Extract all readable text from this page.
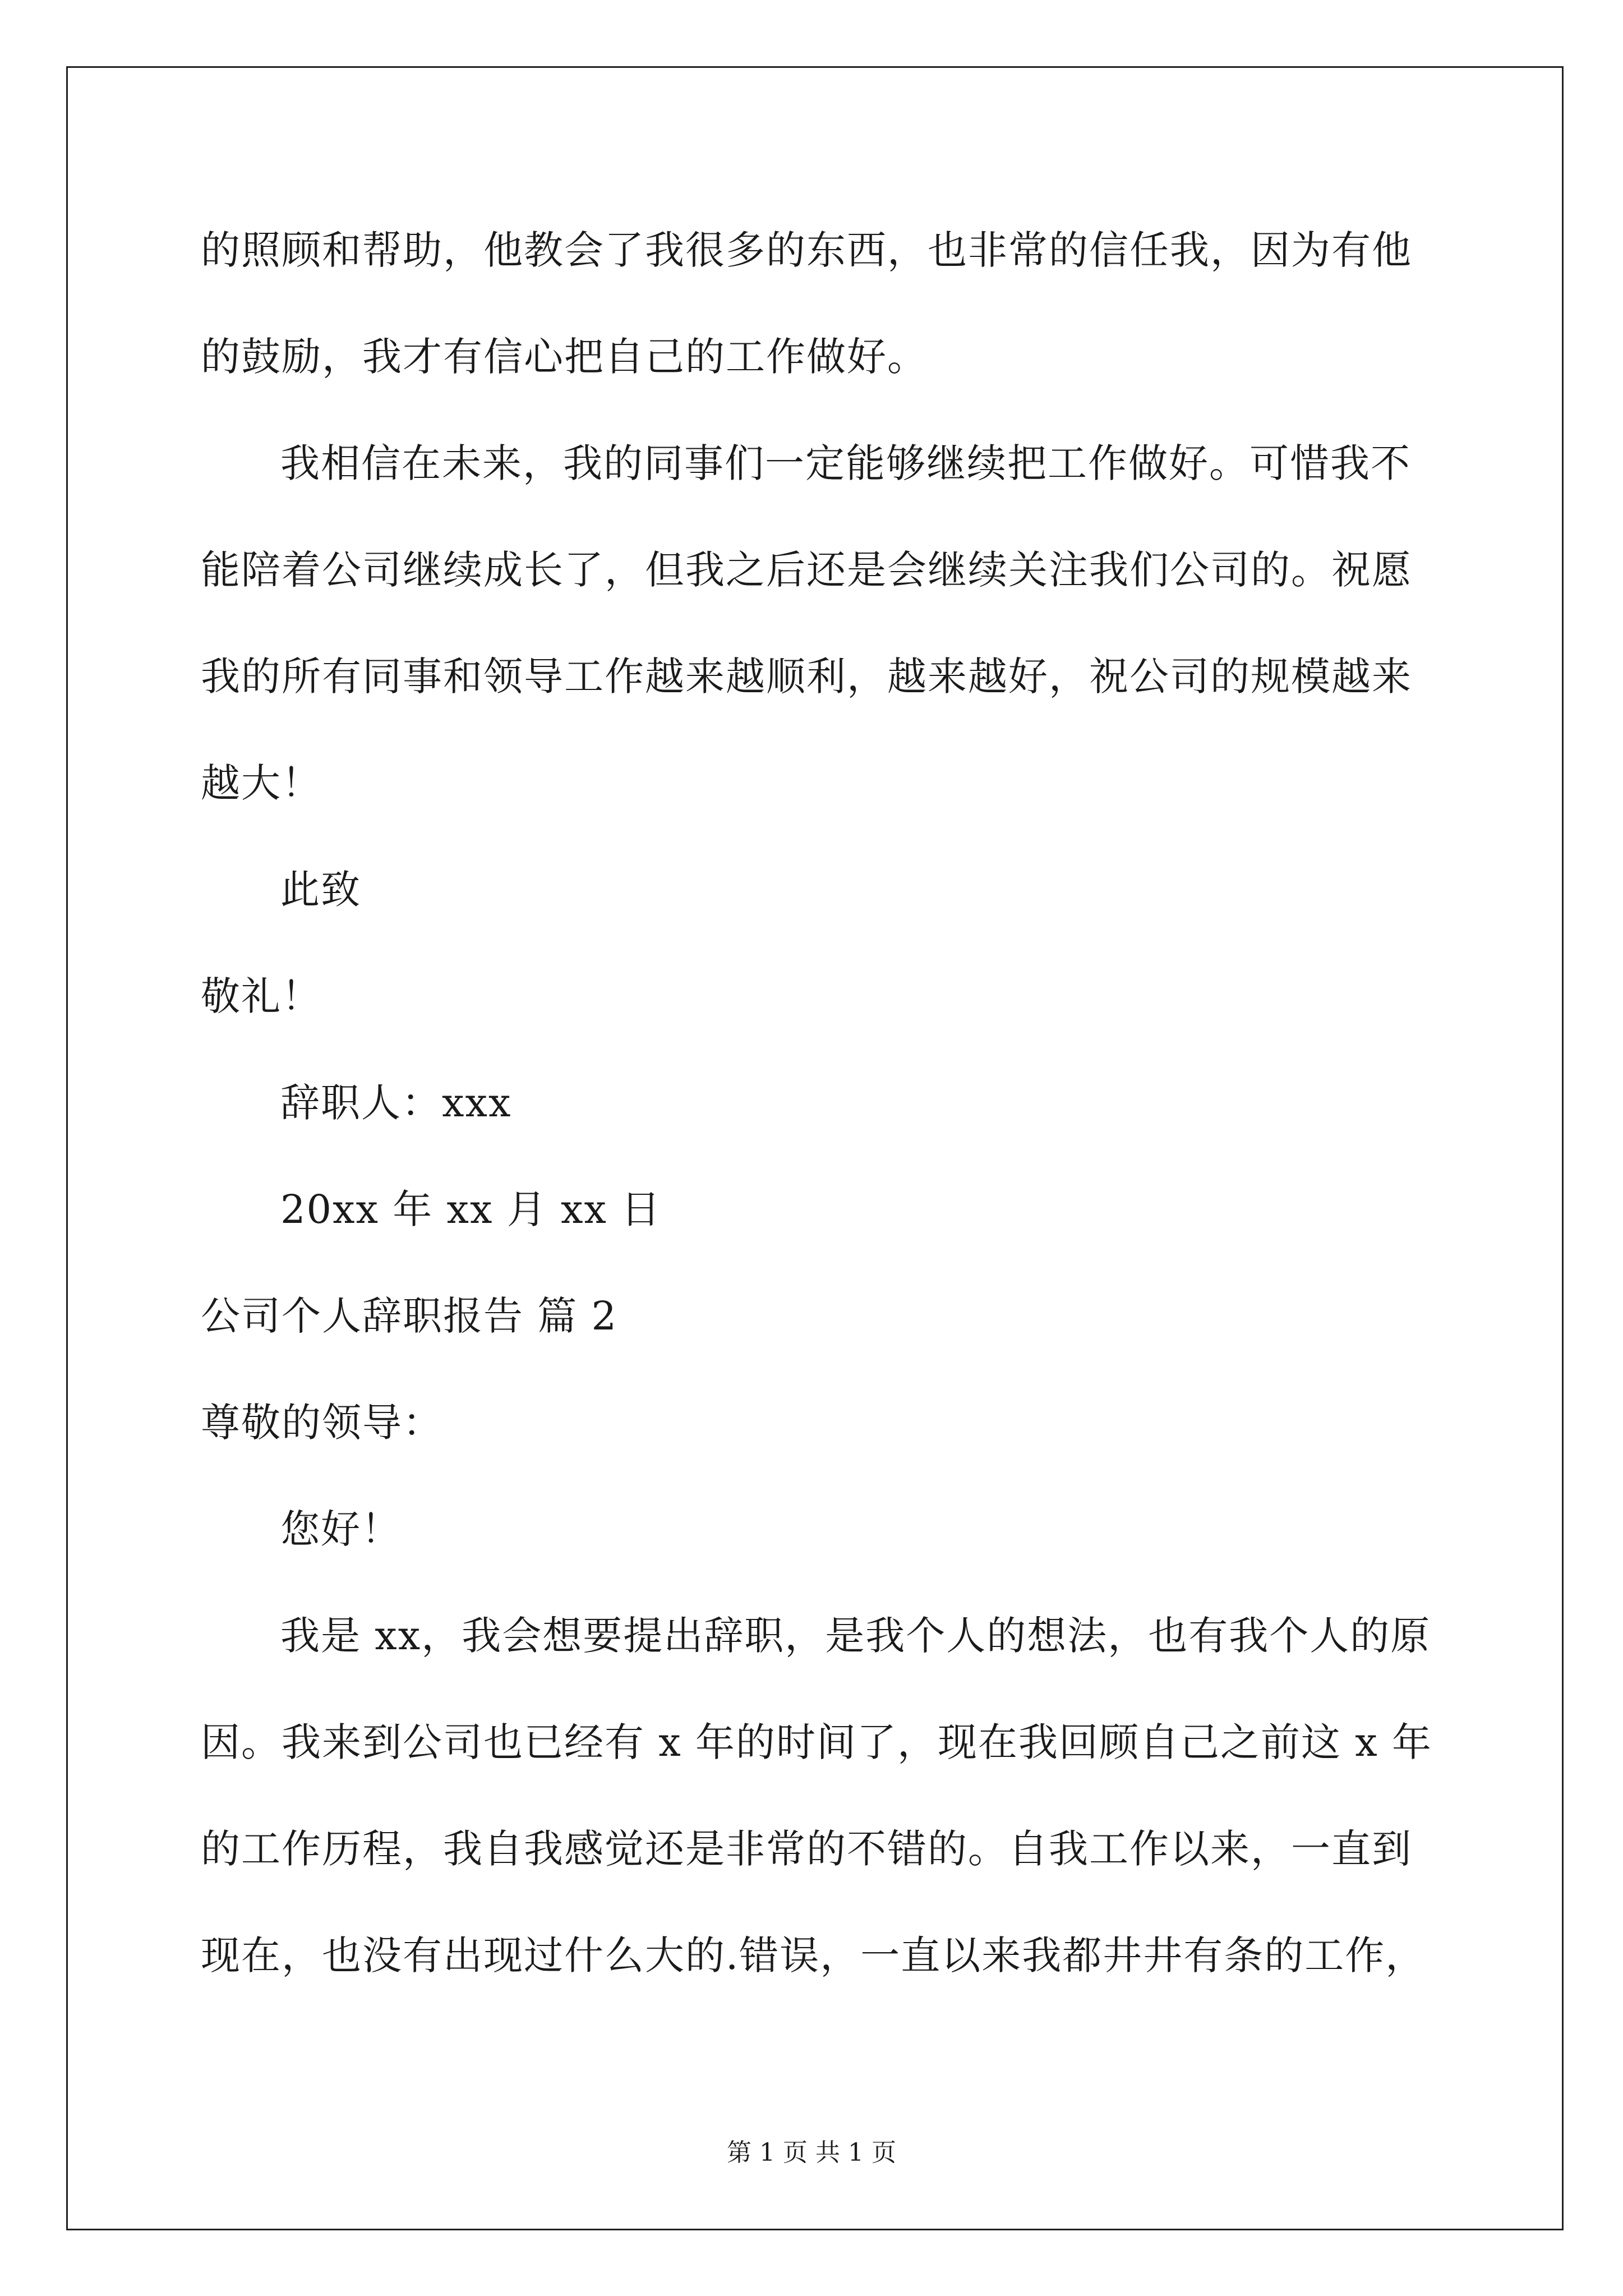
的照顾和帮助，他教会了我很多的东西，也非常的信任我，因为有他
的鼓励，我才有信心把自己的工作做好。
我相信在未来，我的同事们一定能够继续把工作做好。可惜我不
能陪着公司继续成长了，但我之后还是会继续关注我们公司的。祝愿
我的所有同事和领导工作越来越顺利，越来越好，祝公司的规模越来
越大！
此致
敬礼！
辞职人：xxx
20xx 年 xx 月 xx 日
公司个人辞职报告 篇 2
尊敬的领导：
您好！
我是 xx，我会想要提出辞职，是我个人的想法，也有我个人的原
因。我来到公司也已经有 x 年的时间了，现在我回顾自己之前这 x 年
的工作历程，我自我感觉还是非常的不错的。自我工作以来，一直到
现在，也没有出现过什么大的.错误，一直以来我都井井有条的工作，
第 1 页 共 1 页
